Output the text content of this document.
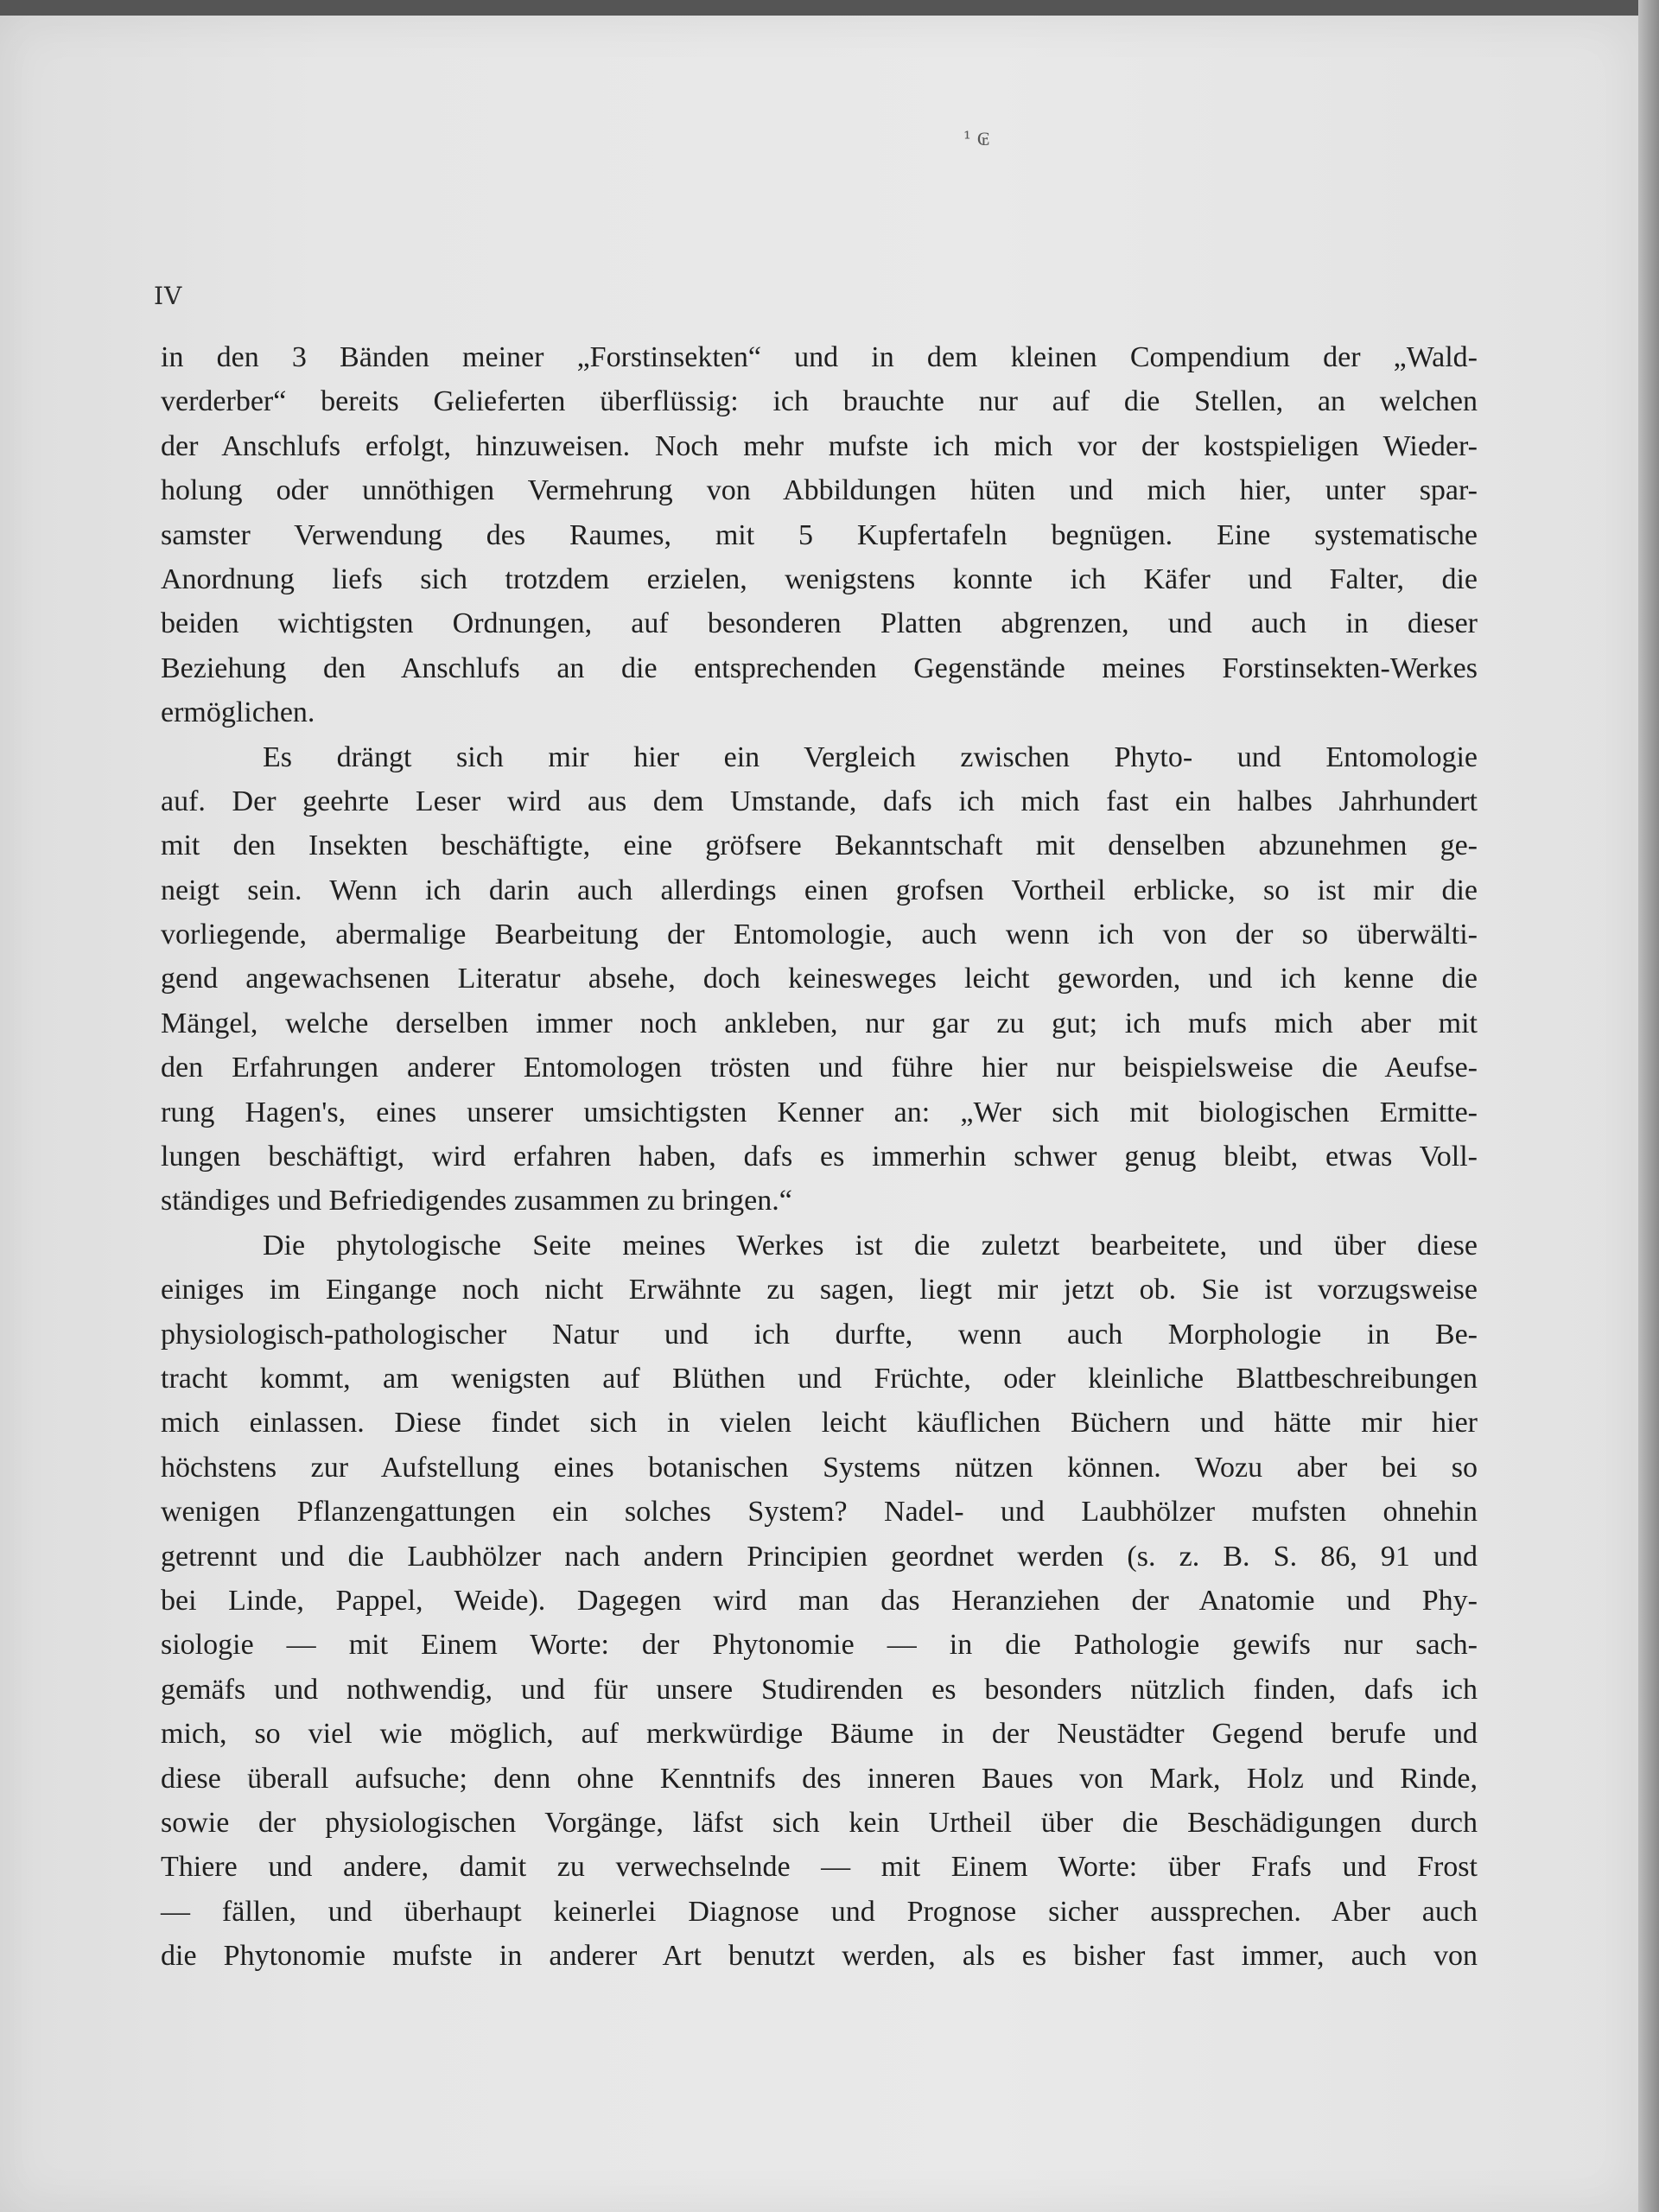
¹ ₢
IV
in den 3 Bänden meiner „Forstinsekten“ und in dem kleinen Compendium der „Wald-
verderber“ bereits Gelieferten überflüssig: ich brauchte nur auf die Stellen, an welchen
der Anschlufs erfolgt, hinzuweisen. Noch mehr mufste ich mich vor der kostspieligen Wieder-
holung oder unnöthigen Vermehrung von Abbildungen hüten und mich hier, unter spar-
samster Verwendung des Raumes, mit 5 Kupfertafeln begnügen. Eine systematische
Anordnung liefs sich trotzdem erzielen, wenigstens konnte ich Käfer und Falter, die
beiden wichtigsten Ordnungen, auf besonderen Platten abgrenzen, und auch in dieser
Beziehung den Anschlufs an die entsprechenden Gegenstände meines Forstinsekten-Werkes
ermöglichen.
Es drängt sich mir hier ein Vergleich zwischen Phyto- und Entomologie
auf. Der geehrte Leser wird aus dem Umstande, dafs ich mich fast ein halbes Jahrhundert
mit den Insekten beschäftigte, eine gröfsere Bekanntschaft mit denselben abzunehmen ge-
neigt sein. Wenn ich darin auch allerdings einen grofsen Vortheil erblicke, so ist mir die
vorliegende, abermalige Bearbeitung der Entomologie, auch wenn ich von der so überwälti-
gend angewachsenen Literatur absehe, doch keinesweges leicht geworden, und ich kenne die
Mängel, welche derselben immer noch ankleben, nur gar zu gut; ich mufs mich aber mit
den Erfahrungen anderer Entomologen trösten und führe hier nur beispielsweise die Aeufse-
rung Hagen's, eines unserer umsichtigsten Kenner an: „Wer sich mit biologischen Ermitte-
lungen beschäftigt, wird erfahren haben, dafs es immerhin schwer genug bleibt, etwas Voll-
ständiges und Befriedigendes zusammen zu bringen.“
Die phytologische Seite meines Werkes ist die zuletzt bearbeitete, und über diese
einiges im Eingange noch nicht Erwähnte zu sagen, liegt mir jetzt ob. Sie ist vorzugsweise
physiologisch-pathologischer Natur und ich durfte, wenn auch Morphologie in Be-
tracht kommt, am wenigsten auf Blüthen und Früchte, oder kleinliche Blattbeschreibungen
mich einlassen. Diese findet sich in vielen leicht käuflichen Büchern und hätte mir hier
höchstens zur Aufstellung eines botanischen Systems nützen können. Wozu aber bei so
wenigen Pflanzengattungen ein solches System? Nadel- und Laubhölzer mufsten ohnehin
getrennt und die Laubhölzer nach andern Principien geordnet werden (s. z. B. S. 86, 91 und
bei Linde, Pappel, Weide). Dagegen wird man das Heranziehen der Anatomie und Phy-
siologie — mit Einem Worte: der Phytonomie — in die Pathologie gewifs nur sach-
gemäfs und nothwendig, und für unsere Studirenden es besonders nützlich finden, dafs ich
mich, so viel wie möglich, auf merkwürdige Bäume in der Neustädter Gegend berufe und
diese überall aufsuche; denn ohne Kenntnifs des inneren Baues von Mark, Holz und Rinde,
sowie der physiologischen Vorgänge, läfst sich kein Urtheil über die Beschädigungen durch
Thiere und andere, damit zu verwechselnde — mit Einem Worte: über Frafs und Frost
— fällen, und überhaupt keinerlei Diagnose und Prognose sicher aussprechen. Aber auch
die Phytonomie mufste in anderer Art benutzt werden, als es bisher fast immer, auch von
